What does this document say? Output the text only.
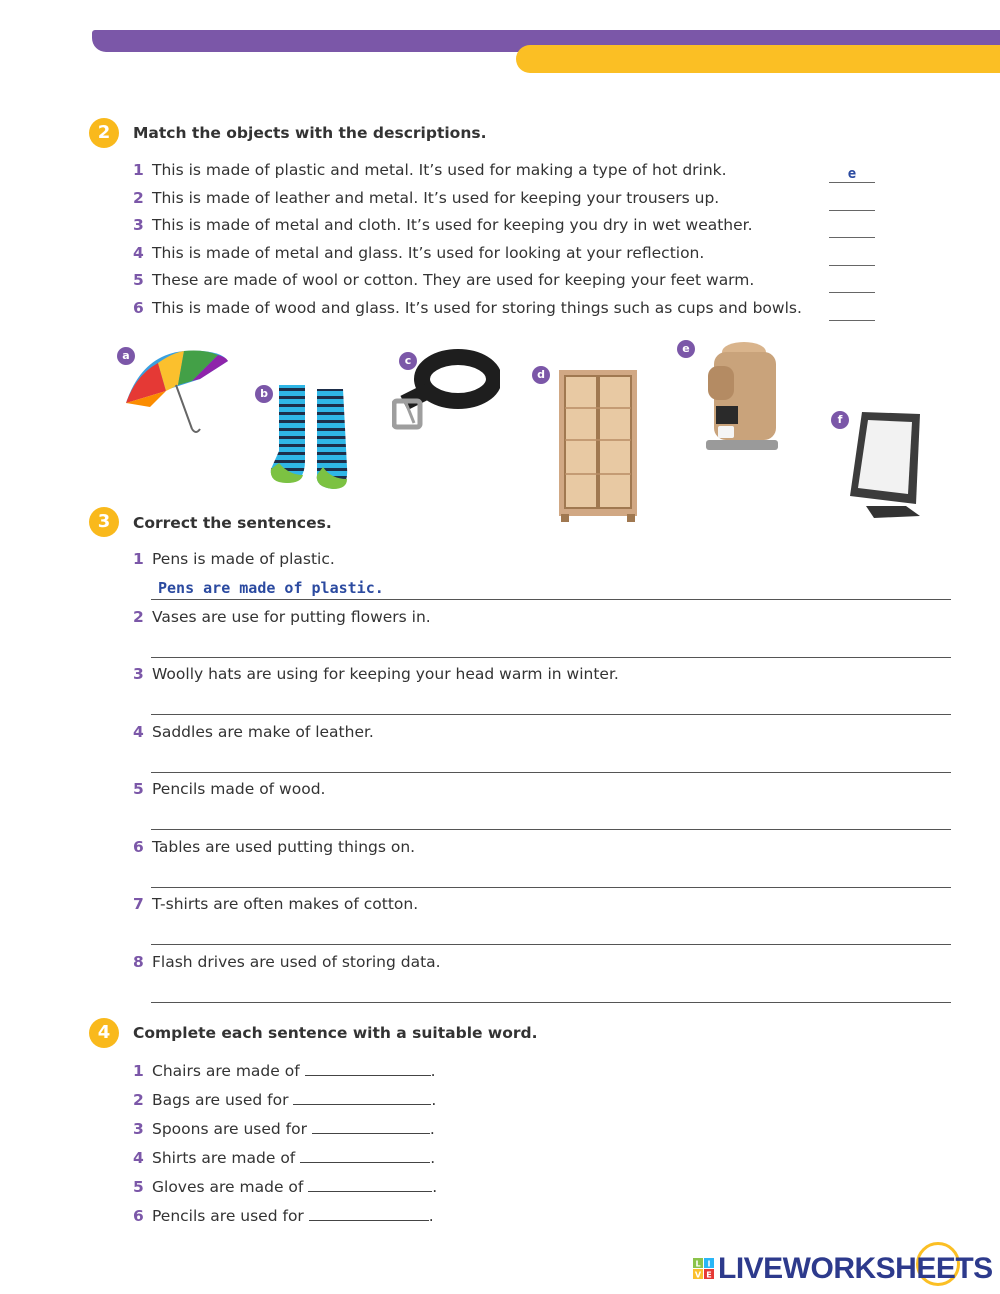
2	Match the objects with the descriptions.
1 This is made of plastic and metal. It’s used for making a type of hot drink.
2 This is made of leather and metal. It’s used for keeping your trousers up.
3 This is made of metal and cloth. It’s used for keeping you dry in wet weather.
4 This is made of metal and glass. It’s used for looking at your reflection.
5 These are made of wool or cotton. They are used for keeping your feet warm.
6 This is made of wood and glass. It’s used for storing things such as cups and bowls.
e
a
b
c
d
e
f
3	Correct the sentences.
1 Pens is made of plastic.
Pens are made of plastic.
2 Vases are use for putting flowers in.
3 Woolly hats are using for keeping your head warm in winter.
4 Saddles are make of leather.
5 Pencils made of wood.
6 Tables are used putting things on.
7 T-shirts are often makes of cotton.
8 Flash drives are used of storing data.
4	Complete each sentence with a suitable word.
1 Chairs are made of	.
2 Bags are used for	.
3 Spoons are used for	.
4 Shirts are made of	.
5 Gloves are made of	.
6 Pencils are used for	.
L I
V E LIVEWORKSHEETS
